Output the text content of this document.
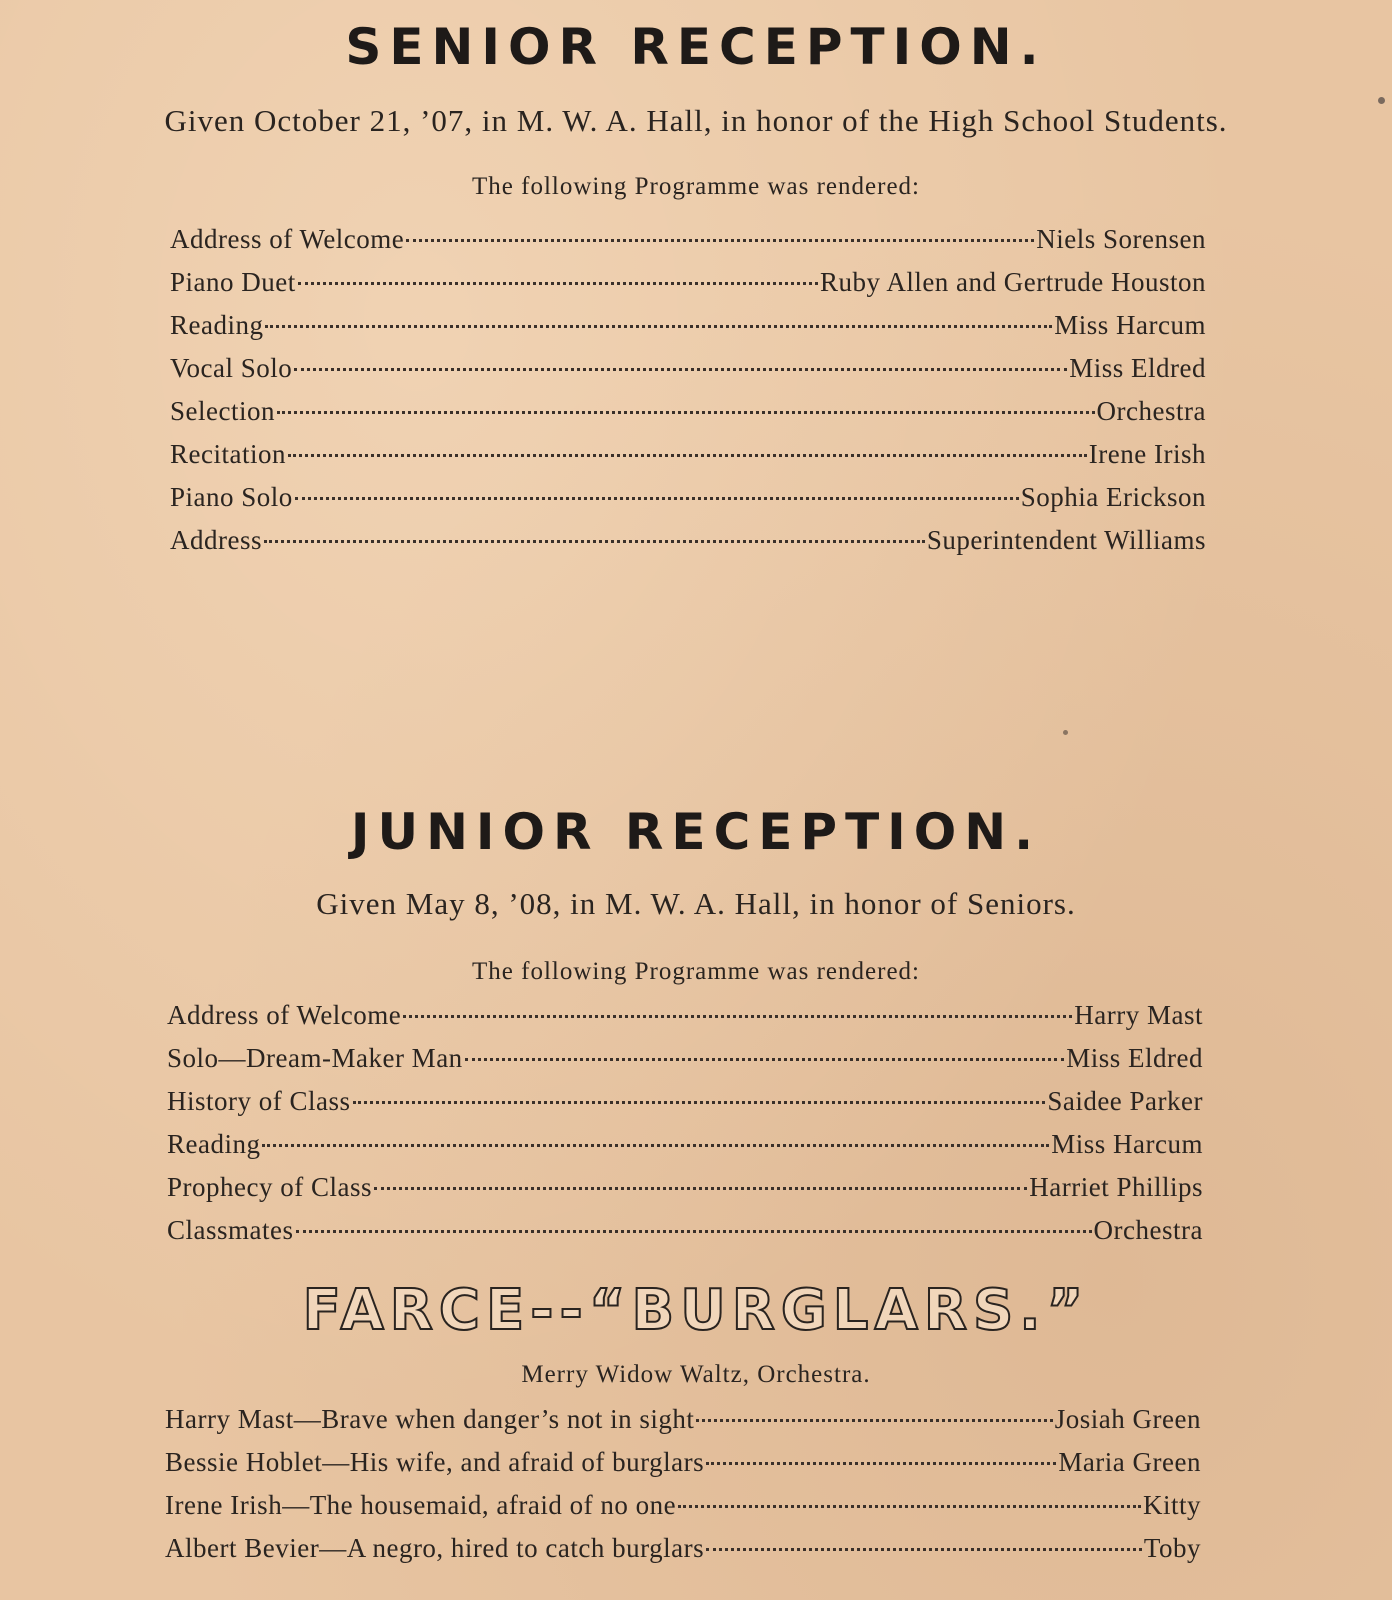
SENIOR RECEPTION.
Given October 21, ’07, in M. W. A. Hall, in honor of the High School Students.
The following Programme was rendered:
Address of Welcome	Niels Sorensen
Piano Duet	Ruby Allen and Gertrude Houston
Reading	Miss Harcum
Vocal Solo	Miss Eldred
Selection	Orchestra
Recitation	Irene Irish
Piano Solo	Sophia Erickson
Address	Superintendent Williams
JUNIOR RECEPTION.
Given May 8, ’08, in M. W. A. Hall, in honor of Seniors.
The following Programme was rendered:
Address of Welcome	Harry Mast
Solo—Dream-Maker Man	Miss Eldred
History of Class	Saidee Parker
Reading	Miss Harcum
Prophecy of Class	Harriet Phillips
Classmates	Orchestra
FARCE--“BURGLARS.”
Merry Widow Waltz, Orchestra.
Harry Mast—Brave when danger’s not in sight	Josiah Green
Bessie Hoblet—His wife, and afraid of burglars	Maria Green
Irene Irish—The housemaid, afraid of no one	Kitty
Albert Bevier—A negro, hired to catch burglars	Toby
